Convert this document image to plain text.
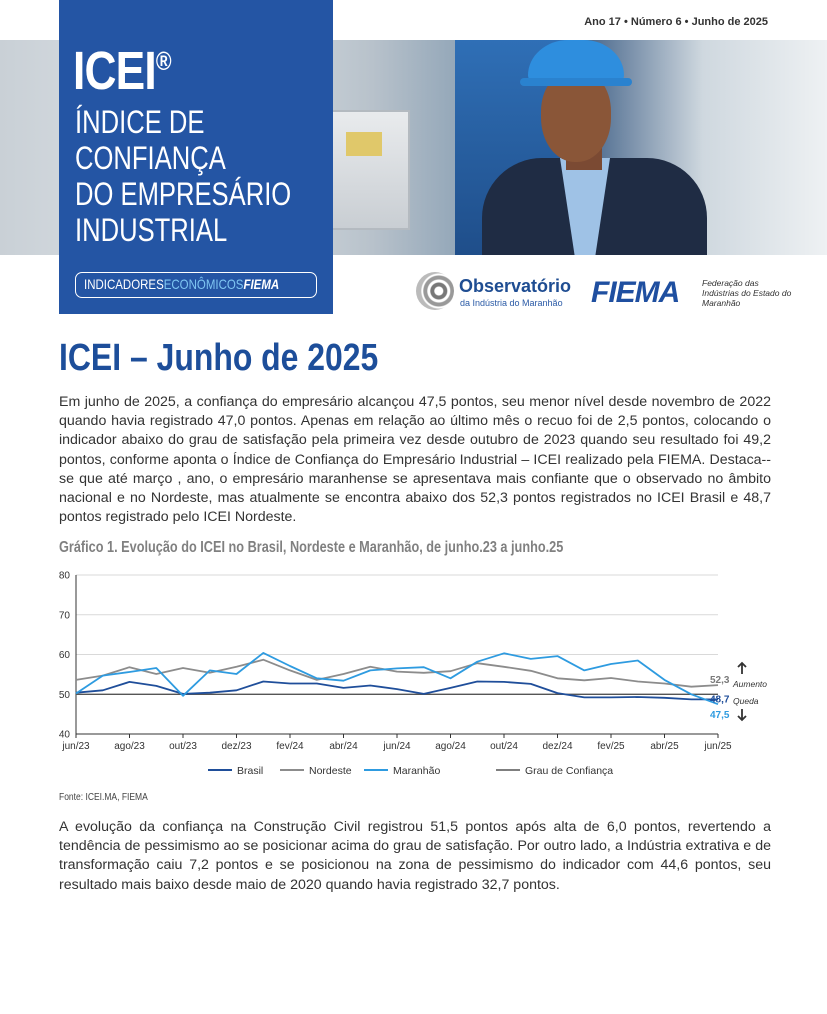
Ano 17 • Número 6 • Junho de 2025
ICEI®
ÍNDICE DE
CONFIANÇA
DO EMPRESÁRIO
INDUSTRIAL
INDICADORESECONÔMICOSFIEMA	Observatório
da Indústria do Maranhão FIEMA	Federação das Indústrias do Estado do Maranhão
ICEI – Junho de 2025

Em junho de 2025, a confiança do empresário alcançou 47,5 pontos, seu menor nível desde novembro de 2022 quando havia registrado 47,0 pontos. Apenas em relação ao último mês o recuo foi de 2,5 pontos, colocando o indicador abaixo do grau de satisfação pela primeira vez desde outubro de 2023 quando seu resultado foi 49,2 pontos, conforme aponta o Índice de Confiança do Empresário Industrial – ICEI realizado pela FIEMA. Destaca--se que até março , ano, o empresário maranhense se apresentava mais confiante que o observado no âmbito nacional e no Nordeste, mas atualmente se encontra abaixo dos 52,3 pontos registrados no ICEI Brasil e 48,7 pontos registrado pelo ICEI Nordeste.

Gráfico 1. Evolução do ICEI no Brasil, Nordeste e Maranhão, de junho.23 a junho.25
40
50
60
70
80
jun/23 ago/23 out/23 dez/23 fev/24	abr/24	jun/24 ago/24 out/24 dez/24 fev/25	abr/25	jun/25
52,3
48,7
47,5
Aumento
Queda
Brasil	Nordeste	Maranhão	Grau de Confiança
Fonte: ICEI.MA, FIEMA

A evolução da confiança na Construção Civil registrou 51,5 pontos após alta de 6,0 pontos, revertendo a tendência de pessimismo ao se posicionar acima do grau de satisfação. Por outro lado, a Indústria extrativa e de transformação caiu 7,2 pontos e se posicionou na zona de pessimismo do indicador com 44,6 pontos, seu resultado mais baixo desde maio de 2020 quando havia registrado 32,7 pontos.
